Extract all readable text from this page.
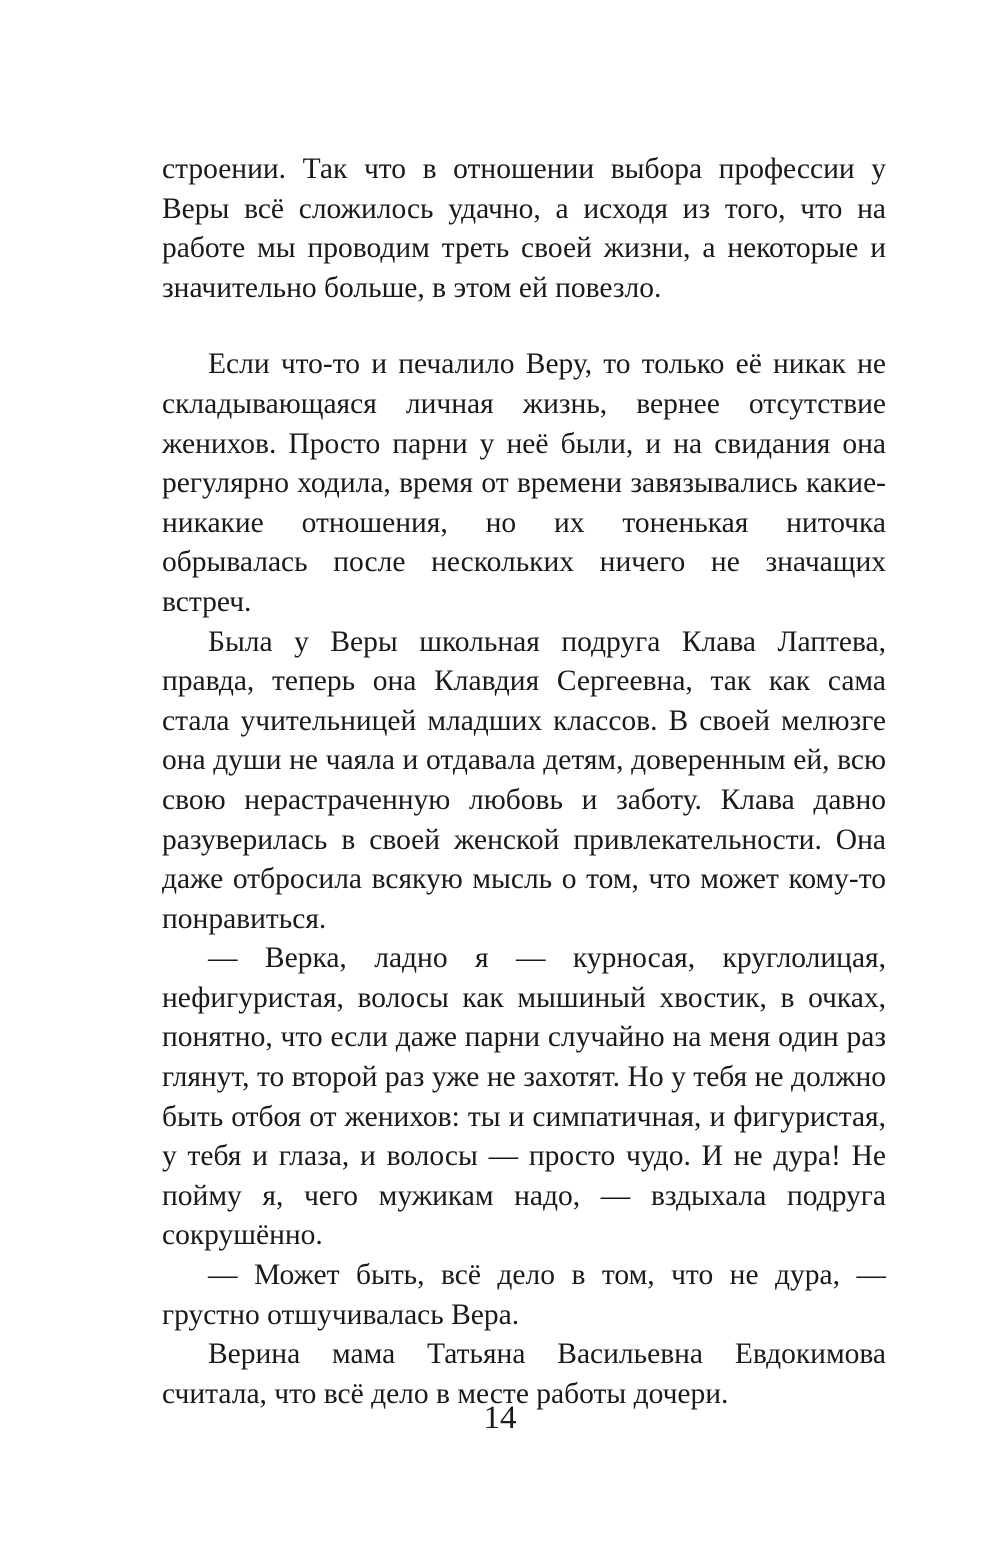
строении. Так что в отношении выбора профессии у Веры всё сложилось удачно, а исходя из того, что на работе мы проводим треть своей жизни, а некоторые и значительно больше, в этом ей повезло.

Если что-то и печалило Веру, то только её никак не складывающаяся личная жизнь, вернее отсутствие женихов. Просто парни у неё были, и на свидания она регулярно ходила, время от времени завязывались какие-никакие отношения, но их тоненькая ниточка обрывалась после нескольких ничего не значащих встреч.

Была у Веры школьная подруга Клава Лаптева, правда, теперь она Клавдия Сергеевна, так как сама стала учительницей младших классов. В своей мелюзге она души не чаяла и отдавала детям, доверенным ей, всю свою нерастраченную любовь и заботу. Клава давно разуверилась в своей женской привлекательности. Она даже отбросила всякую мысль о том, что может кому-то понравиться.

— Верка, ладно я — курносая, круглолицая, нефигуристая, волосы как мышиный хвостик, в очках, понятно, что если даже парни случайно на меня один раз глянут, то второй раз уже не захотят. Но у тебя не должно быть отбоя от женихов: ты и симпатичная, и фигуристая, у тебя и глаза, и волосы — просто чудо. И не дура! Не пойму я, чего мужикам надо, — вздыхала подруга сокрушённо.

— Может быть, всё дело в том, что не дура, — грустно отшучивалась Вера.

Верина мама Татьяна Васильевна Евдокимова считала, что всё дело в месте работы дочери.

14
